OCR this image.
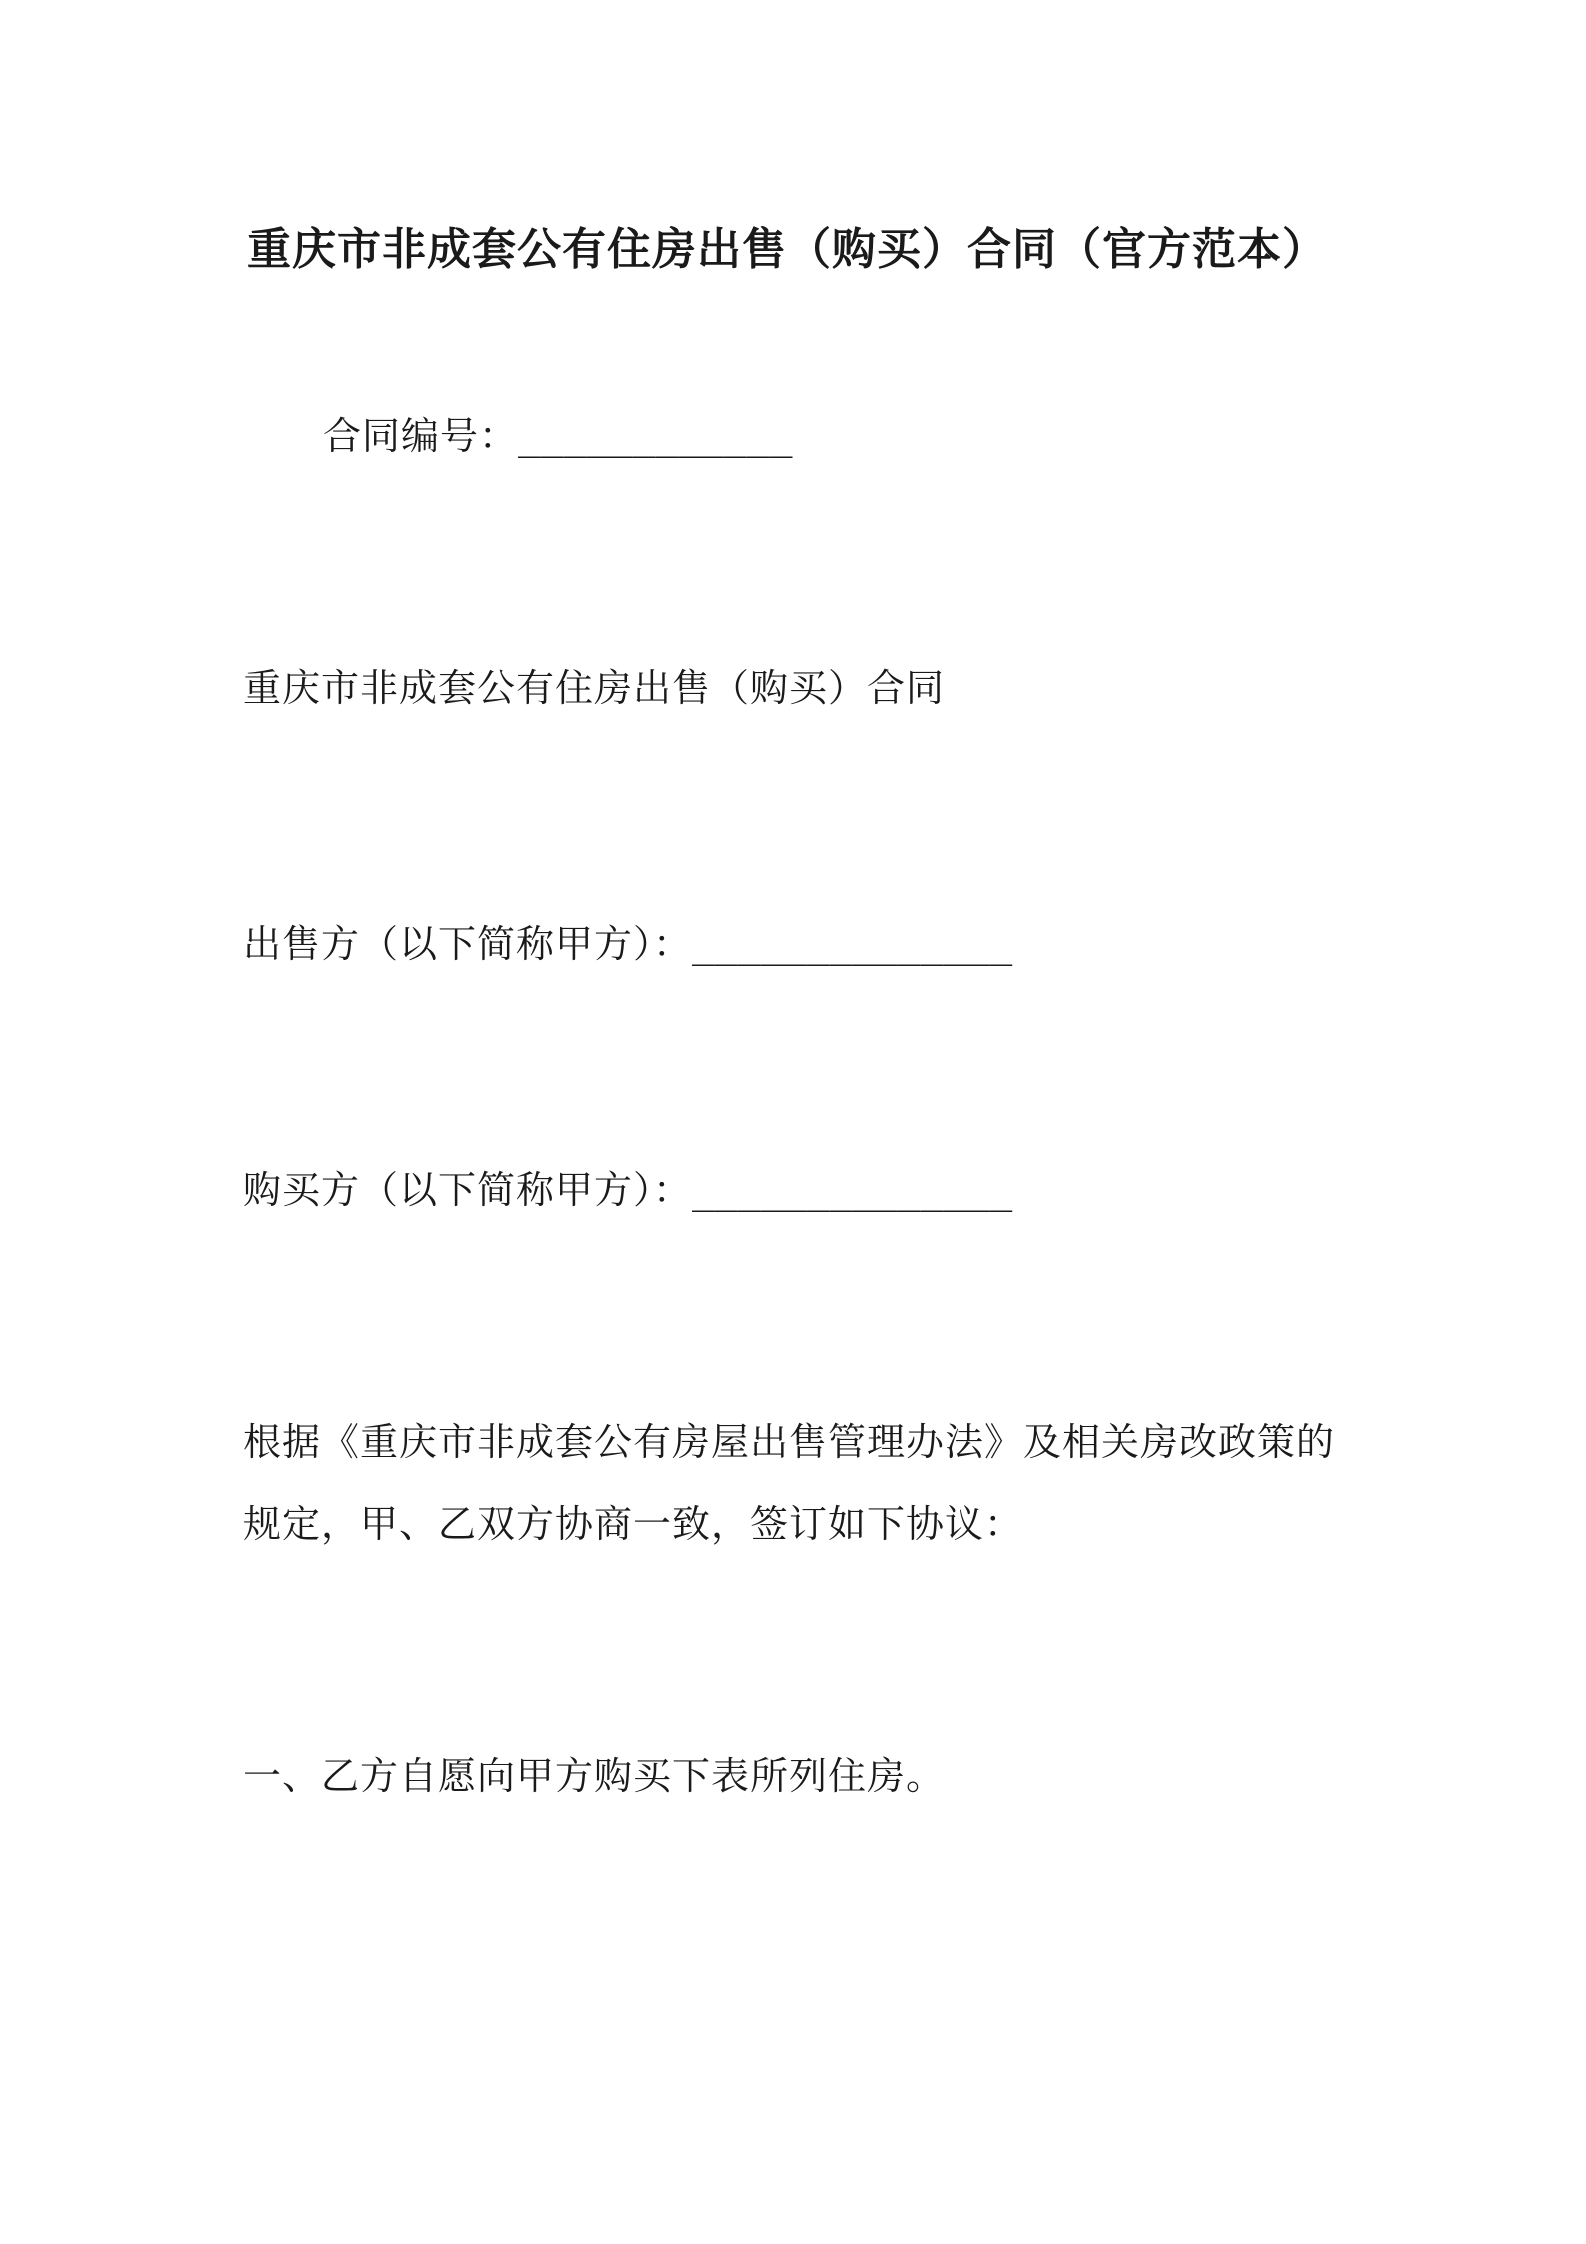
重庆市非成套公有住房出售（购买）合同（官方范本）
合同编号：____________
重庆市非成套公有住房出售（购买）合同
出售方（以下简称甲方）：______________
购买方（以下简称甲方）：______________
根据《重庆市非成套公有房屋出售管理办法》及相关房改政策的
规定，甲、乙双方协商一致，签订如下协议：
一、乙方自愿向甲方购买下表所列住房。
